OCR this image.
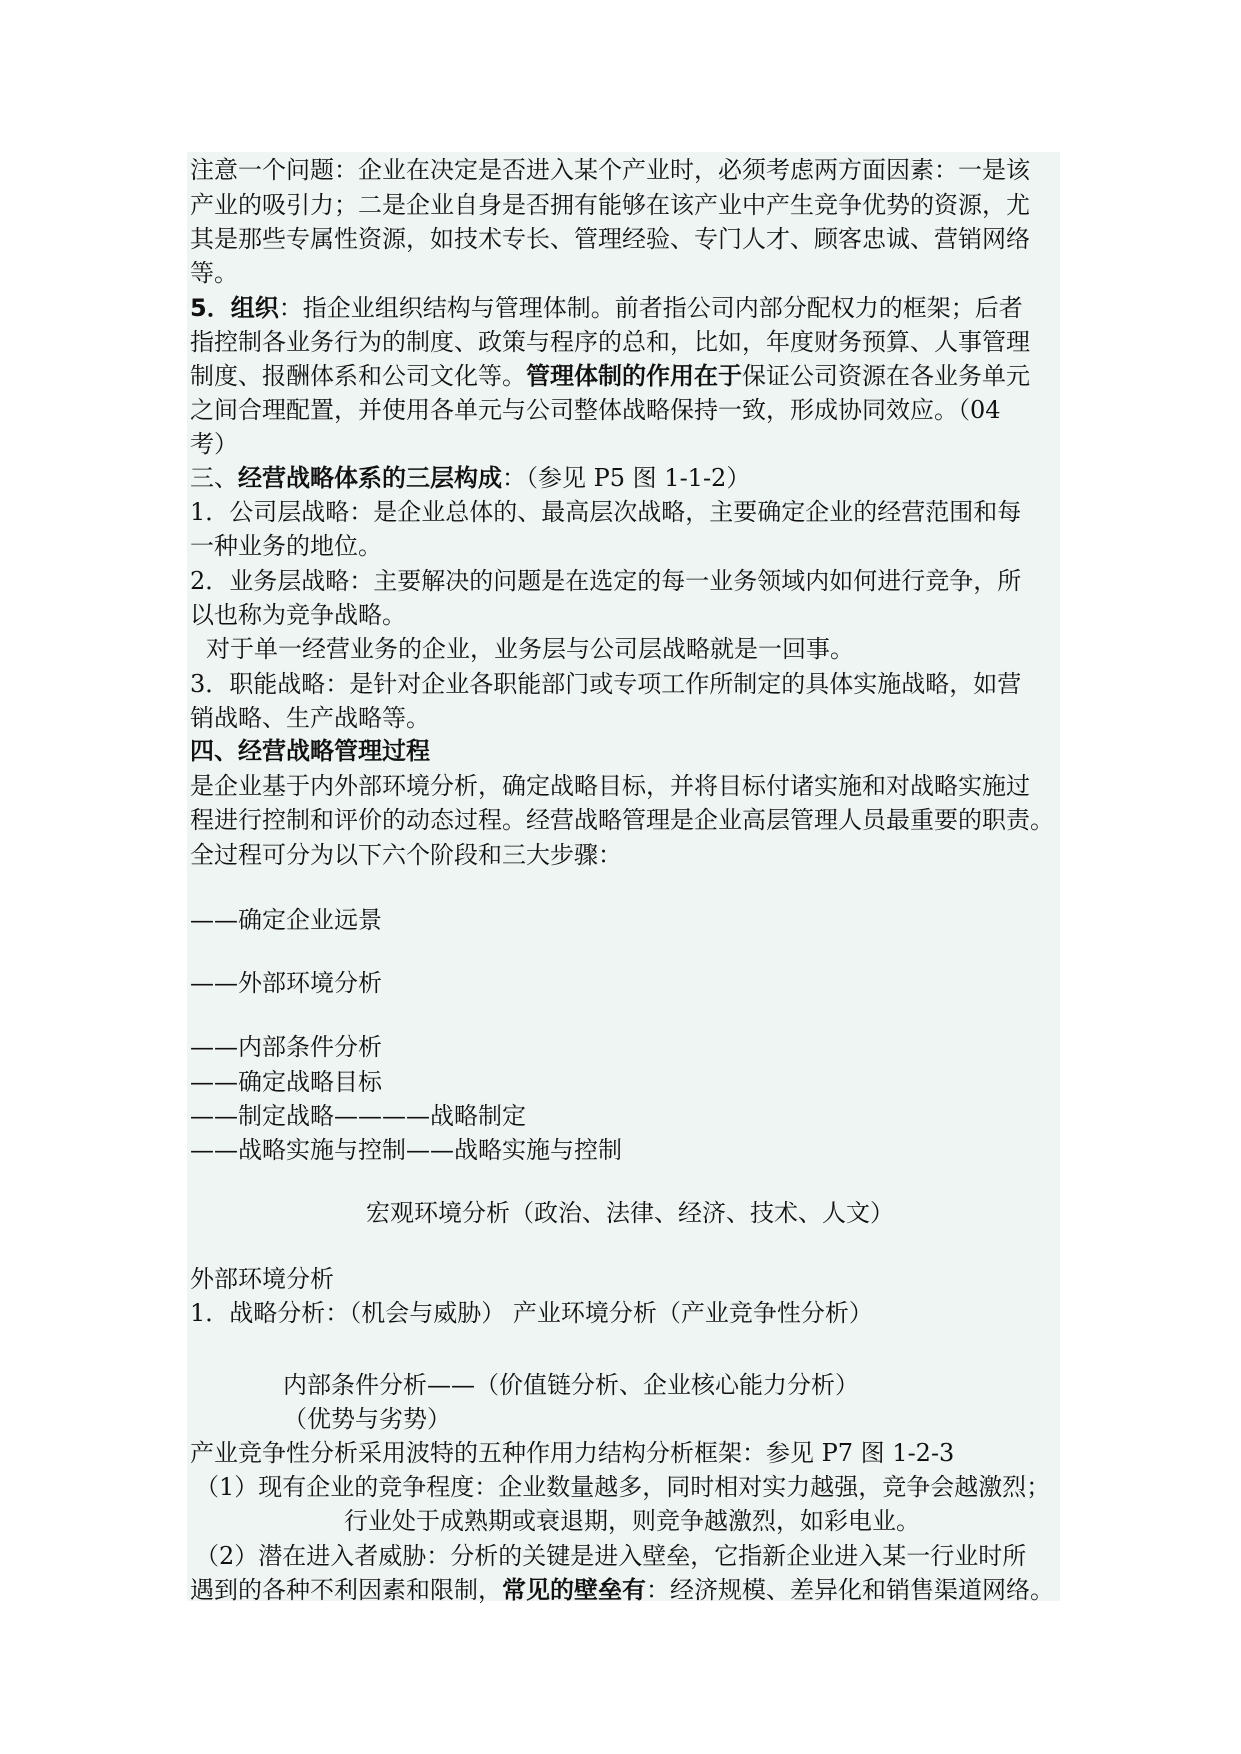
注意一个问题：企业在决定是否进入某个产业时，必须考虑两方面因素：一是该
产业的吸引力；二是企业自身是否拥有能够在该产业中产生竞争优势的资源，尤
其是那些专属性资源，如技术专长、管理经验、专门人才、顾客忠诚、营销网络
等。
5．组织：指企业组织结构与管理体制。前者指公司内部分配权力的框架；后者
指控制各业务行为的制度、政策与程序的总和，比如，年度财务预算、人事管理
制度、报酬体系和公司文化等。管理体制的作用在于保证公司资源在各业务单元
之间合理配置，并使用各单元与公司整体战略保持一致，形成协同效应。（04
考）
三、经营战略体系的三层构成：（参见 P5 图 1-1-2）
1．公司层战略：是企业总体的、最高层次战略，主要确定企业的经营范围和每
一种业务的地位。
2．业务层战略：主要解决的问题是在选定的每一业务领域内如何进行竞争，所
以也称为竞争战略。
对于单一经营业务的企业，业务层与公司层战略就是一回事。
3．职能战略：是针对企业各职能部门或专项工作所制定的具体实施战略，如营
销战略、生产战略等。
四、经营战略管理过程
是企业基于内外部环境分析，确定战略目标，并将目标付诸实施和对战略实施过
程进行控制和评价的动态过程。经营战略管理是企业高层管理人员最重要的职责。
全过程可分为以下六个阶段和三大步骤：
——确定企业远景
——外部环境分析
——内部条件分析
——确定战略目标
——制定战略————战略制定
——战略实施与控制——战略实施与控制
宏观环境分析（政治、法律、经济、技术、人文）
外部环境分析
1．战略分析：（机会与威胁） 产业环境分析（产业竞争性分析）
内部条件分析——（价值链分析、企业核心能力分析）
（优势与劣势）
产业竞争性分析采用波特的五种作用力结构分析框架：参见 P7 图 1-2-3
（1）现有企业的竞争程度：企业数量越多，同时相对实力越强，竞争会越激烈；
行业处于成熟期或衰退期，则竞争越激烈，如彩电业。
（2）潜在进入者威胁：分析的关键是进入壁垒，它指新企业进入某一行业时所
遇到的各种不利因素和限制，常见的壁垒有：经济规模、差异化和销售渠道网络。
